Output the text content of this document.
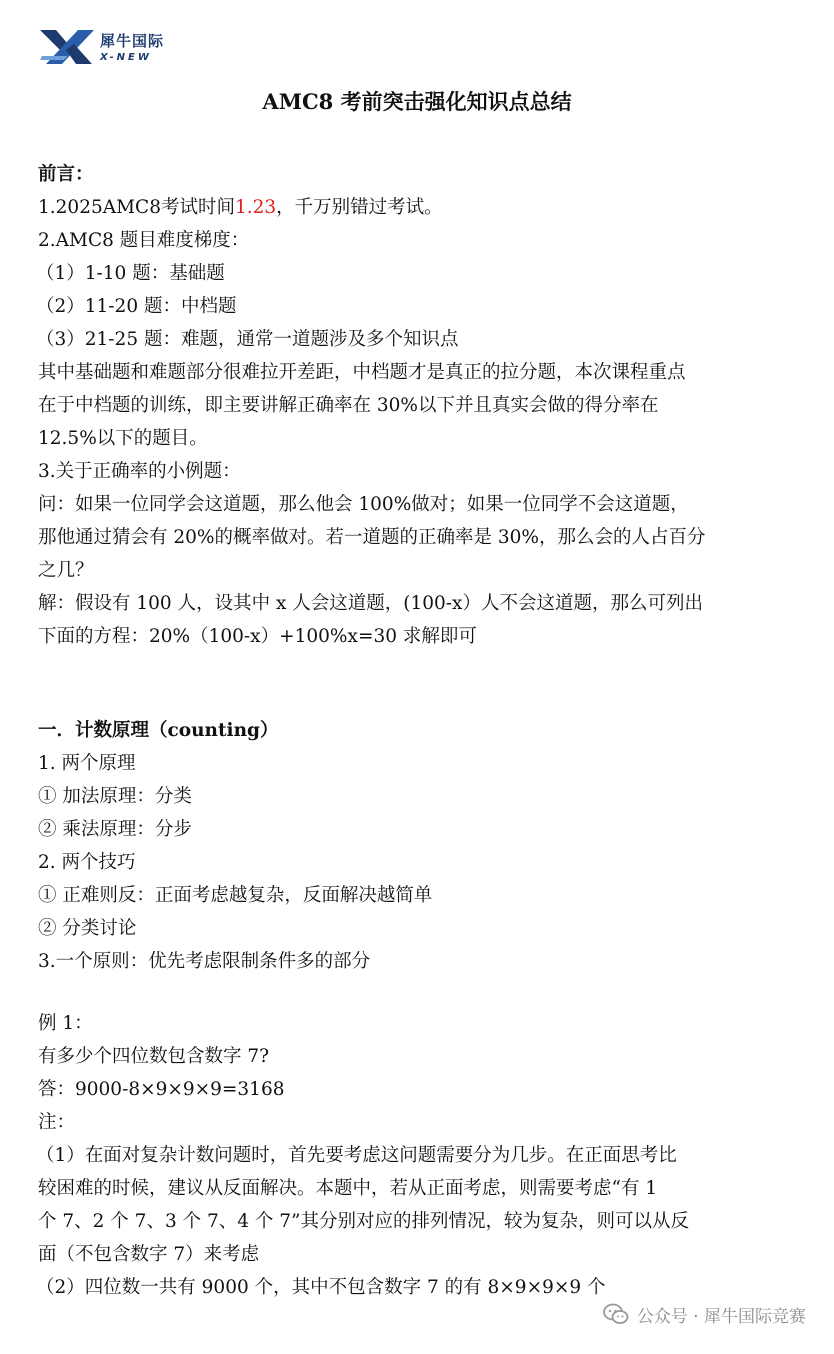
犀牛国际
X-NEW
AMC8 考前突击强化知识点总结
前言：
1.2025AMC8考试时间1.23，千万别错过考试。
2.AMC8 题目难度梯度：
（1）1-10 题：基础题
（2）11-20 题：中档题
（3）21-25 题：难题，通常一道题涉及多个知识点
其中基础题和难题部分很难拉开差距，中档题才是真正的拉分题，本次课程重点
在于中档题的训练，即主要讲解正确率在 30%以下并且真实会做的得分率在
12.5%以下的题目。
3.关于正确率的小例题：
问：如果一位同学会这道题，那么他会 100%做对；如果一位同学不会这道题，
那他通过猜会有 20%的概率做对。若一道题的正确率是 30%，那么会的人占百分
之几？
解：假设有 100 人，设其中 x 人会这道题，(100-x）人不会这道题，那么可列出
下面的方程：20%（100-x）+100%x=30 求解即可
一．计数原理（counting）
1. 两个原理
① 加法原理：分类
② 乘法原理：分步
2. 两个技巧
① 正难则反：正面考虑越复杂，反面解决越简单
② 分类讨论
3.一个原则：优先考虑限制条件多的部分
例 1：
有多少个四位数包含数字 7?
答：9000-8×9×9×9=3168
注：
（1）在面对复杂计数问题时，首先要考虑这问题需要分为几步。在正面思考比
较困难的时候，建议从反面解决。本题中，若从正面考虑，则需要考虑“有 1
个 7、2 个 7、3 个 7、4 个 7”其分别对应的排列情况，较为复杂，则可以从反
面（不包含数字 7）来考虑
（2）四位数一共有 9000 个，其中不包含数字 7 的有 8×9×9×9 个
公众号 · 犀牛国际竞赛
